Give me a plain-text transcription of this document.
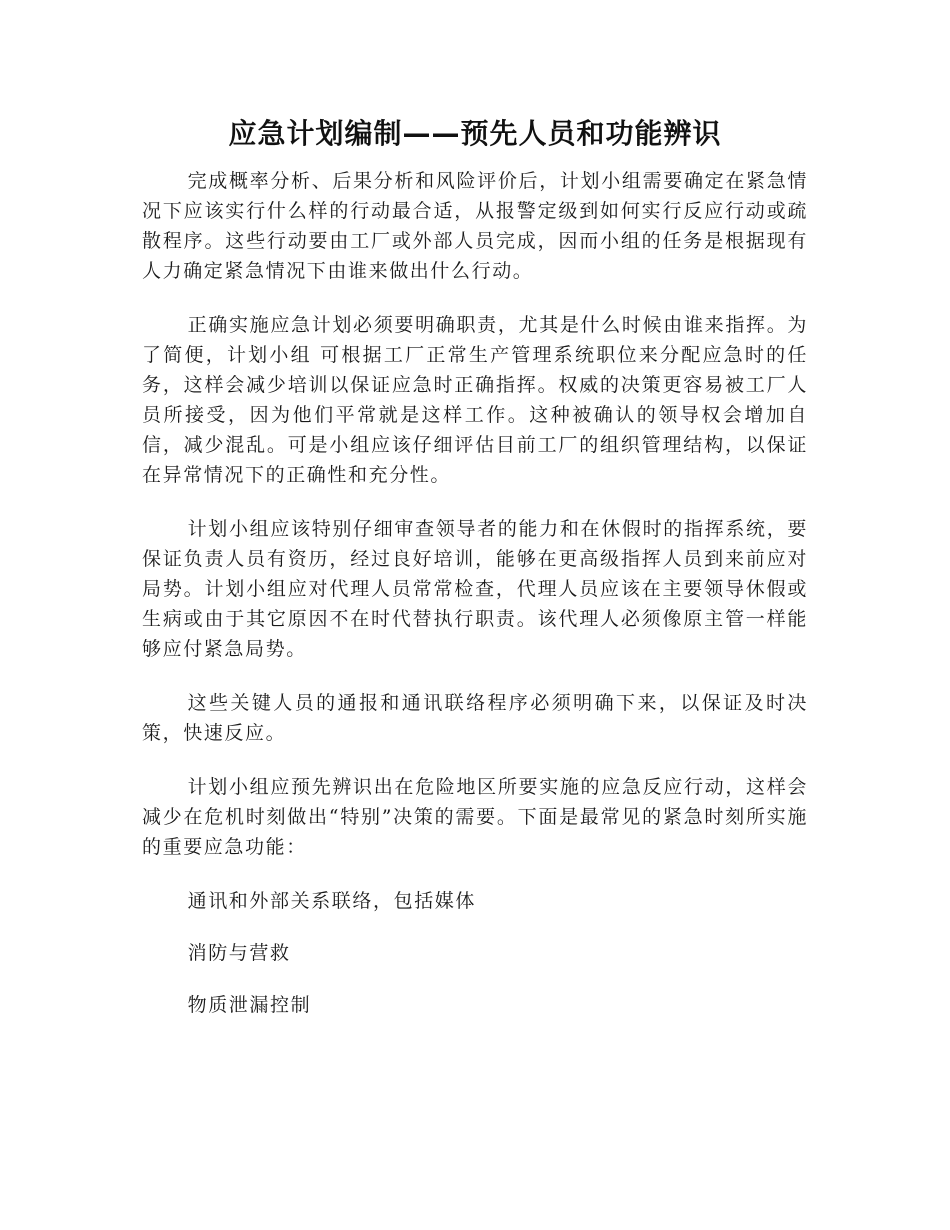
应急计划编制——预先人员和功能辨识

完成概率分析、后果分析和风险评价后，计划小组需要确定在紧急情况下应该实行什么样的行动最合适，从报警定级到如何实行反应行动或疏散程序。这些行动要由工厂或外部人员完成，因而小组的任务是根据现有人力确定紧急情况下由谁来做出什么行动。

正确实施应急计划必须要明确职责，尤其是什么时候由谁来指挥。为了简便，计划小组 可根据工厂正常生产管理系统职位来分配应急时的任务，这样会减少培训以保证应急时正确指挥。权威的决策更容易被工厂人员所接受，因为他们平常就是这样工作。这种被确认的领导权会增加自信，减少混乱。可是小组应该仔细评估目前工厂的组织管理结构，以保证在异常情况下的正确性和充分性。

计划小组应该特别仔细审查领导者的能力和在休假时的指挥系统，要保证负责人员有资历，经过良好培训，能够在更高级指挥人员到来前应对局势。计划小组应对代理人员常常检查，代理人员应该在主要领导休假或生病或由于其它原因不在时代替执行职责。该代理人必须像原主管一样能够应付紧急局势。

这些关键人员的通报和通讯联络程序必须明确下来，以保证及时决策，快速反应。

计划小组应预先辨识出在危险地区所要实施的应急反应行动，这样会减少在危机时刻做出“特别”决策的需要。下面是最常见的紧急时刻所实施的重要应急功能：

通讯和外部关系联络，包括媒体

消防与营救

物质泄漏控制
